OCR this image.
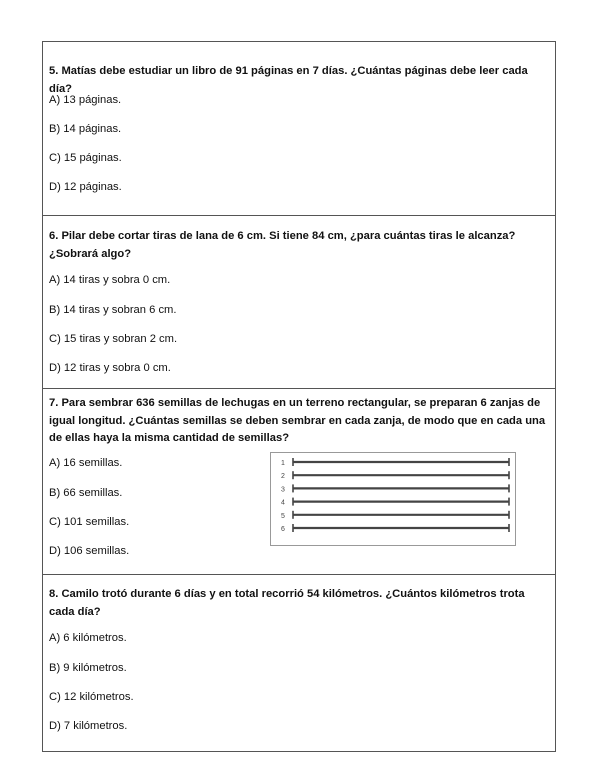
5. Matías debe estudiar un libro de 91 páginas en 7 días. ¿Cuántas páginas debe leer cada día?

A) 13 páginas.
B) 14 páginas.
C) 15 páginas.
D) 12 páginas.

6. Pilar debe cortar tiras de lana de 6 cm. Si tiene 84 cm, ¿para cuántas tiras le alcanza? ¿Sobrará algo?

A) 14 tiras y sobra 0 cm.
B) 14 tiras y sobran 6 cm.
C) 15 tiras y sobran 2 cm.
D) 12 tiras y sobra 0 cm.

7. Para sembrar 636 semillas de lechugas en un terreno rectangular, se preparan 6 zanjas de igual longitud. ¿Cuántas semillas se deben sembrar en cada zanja, de modo que en cada una de ellas haya la misma cantidad de semillas?

A) 16 semillas.
B) 66 semillas.
C) 101 semillas.
D) 106 semillas.
1
2
3
4
5
6

8. Camilo trotó durante 6 días y en total recorrió 54 kilómetros. ¿Cuántos kilómetros trota cada día?

A) 6 kilómetros.
B) 9 kilómetros.
C) 12 kilómetros.
D) 7 kilómetros.
